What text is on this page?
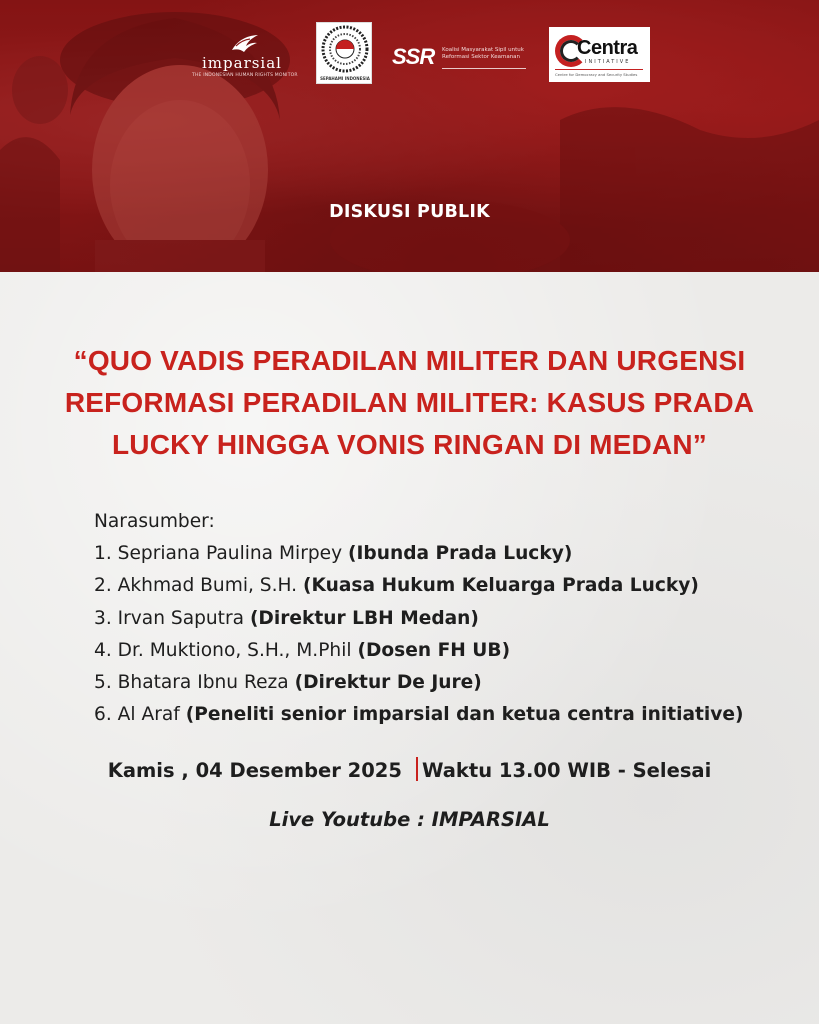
imparsial
THE INDONESIAN HUMAN RIGHTS MONITOR
SEPAHAMI INDONESIA
SSR Koalisi Masyarakat Sipil untuk Reformasi Sektor Keamanan	Centra
INITIATIVE
Centre for Democracy and Security Studies
DISKUSI PUBLIK
“QUO VADIS PERADILAN MILITER DAN URGENSI
REFORMASI PERADILAN MILITER: KASUS PRADA
LUCKY HINGGA VONIS RINGAN DI MEDAN”
Narasumber:
1. Sepriana Paulina Mirpey (Ibunda Prada Lucky)
2. Akhmad Bumi, S.H. (Kuasa Hukum Keluarga Prada Lucky)
3. Irvan Saputra (Direktur LBH Medan)
4. Dr. Muktiono, S.H., M.Phil (Dosen FH UB)
5. Bhatara Ibnu Reza (Direktur De Jure)
6. Al Araf (Peneliti senior imparsial dan ketua centra initiative)
Kamis , 04 Desember 2025 Waktu 13.00 WIB - Selesai
Live Youtube : IMPARSIAL
